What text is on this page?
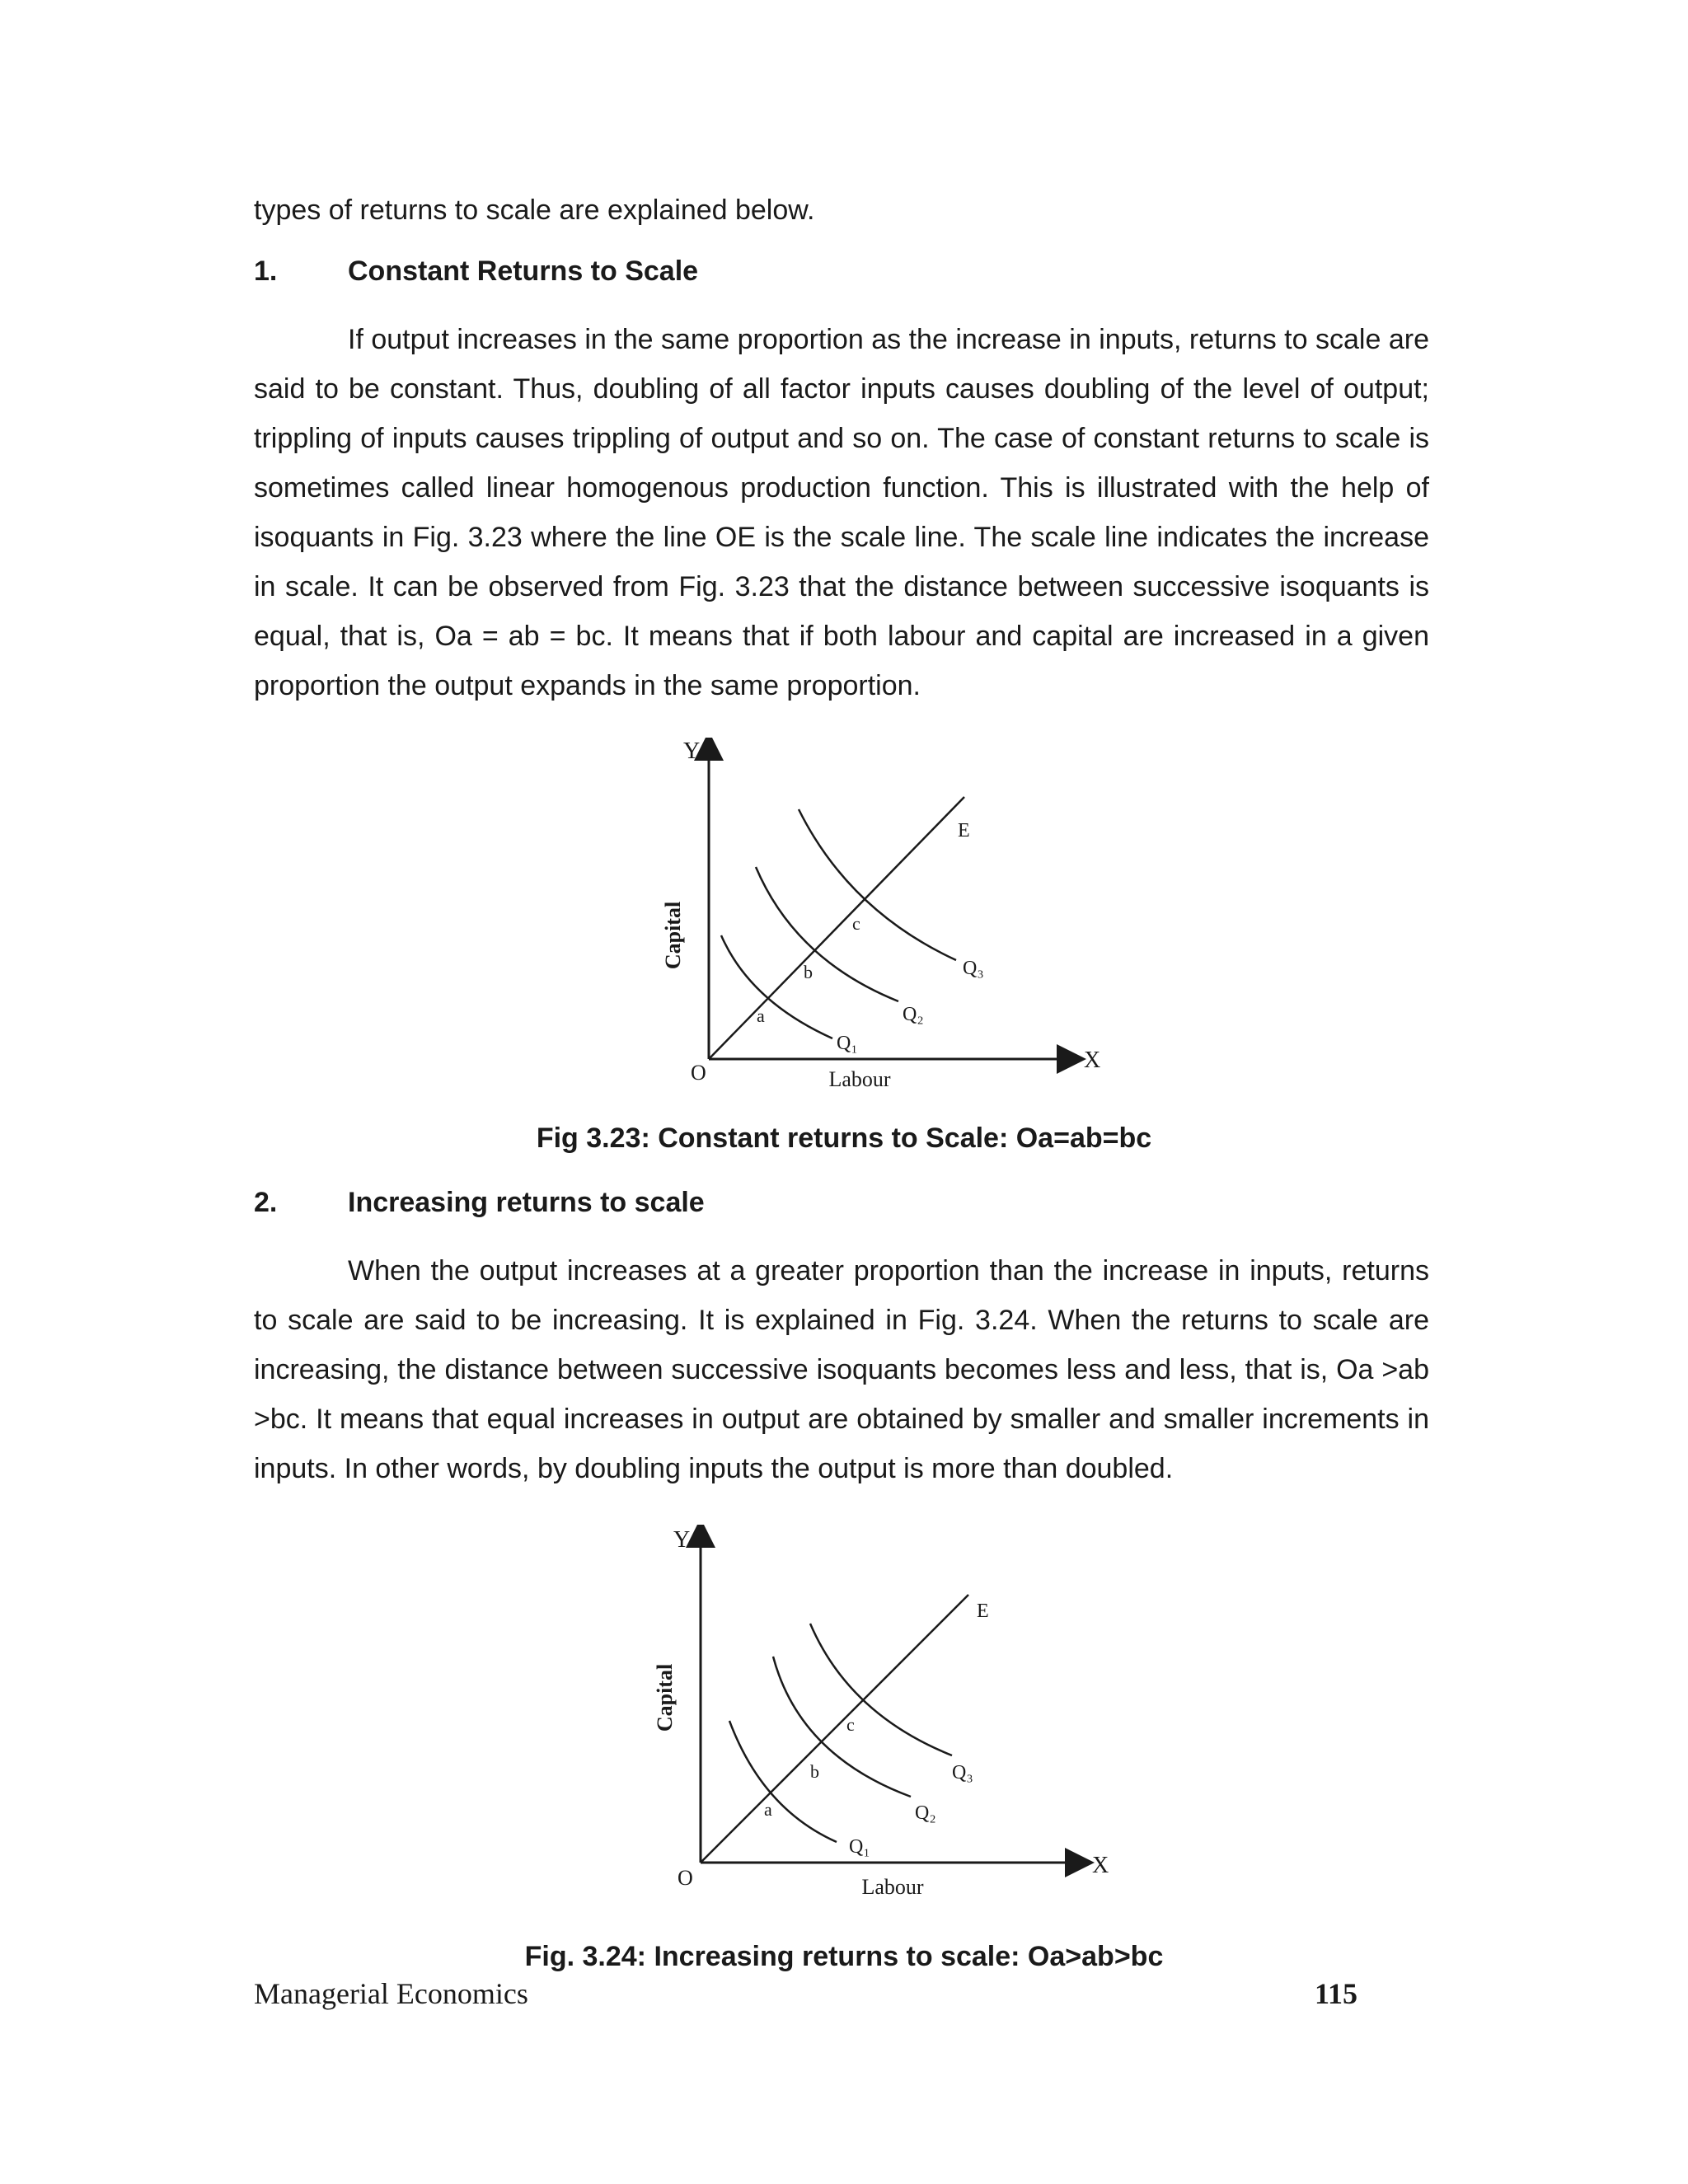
types of returns to scale are explained below.

1.	Constant Returns to Scale

If output increases in the same proportion as the increase in inputs, returns to scale are said to be constant. Thus, doubling of all factor inputs causes doubling of the level of output; trippling of inputs causes trippling of output and so on. The case of constant returns to scale is sometimes called linear homogenous production function. This is illustrated with the help of isoquants in Fig. 3.23 where the line OE is the scale line. The scale line indicates the increase in scale. It can be observed from Fig. 3.23 that the distance between successive isoquants is equal, that is, Oa = ab = bc. It means that if both labour and capital are increased in a given proportion the output expands in the same proportion.

Y
X
O
Capital
Labour
E
a
b
c
Q₁
Q₂
Q₃

Fig 3.23: Constant returns to Scale: Oa=ab=bc

2.	Increasing returns to scale

When the output increases at a greater proportion than the increase in inputs, returns to scale are said to be increasing. It is explained in Fig. 3.24. When the returns to scale are increasing, the distance between successive isoquants becomes less and less, that is, Oa >ab >bc. It means that equal increases in output are obtained by smaller and smaller increments in inputs. In other words, by doubling inputs the output is more than doubled.

Y
X
O
Capital
Labour
E
a
b
c
Q₁
Q₂
Q₃

Fig. 3.24: Increasing returns to scale: Oa>ab>bc

Managerial Economics	115
